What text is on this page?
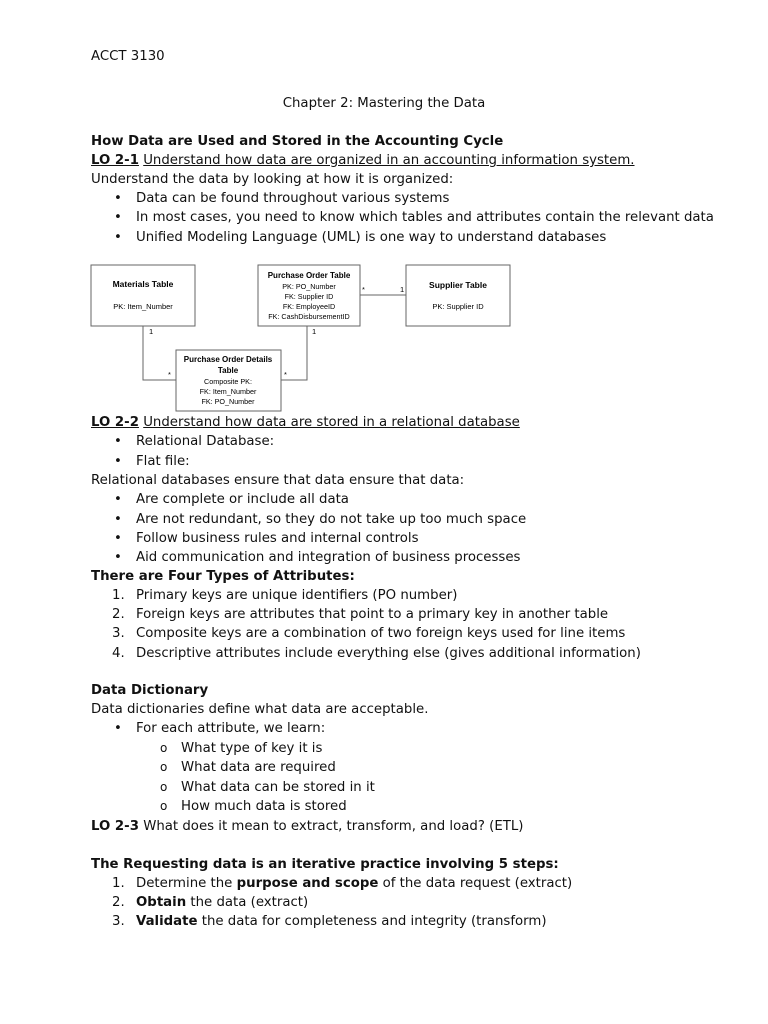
ACCT 3130
Chapter 2: Mastering the Data
How Data are Used and Stored in the Accounting Cycle
LO 2-1 Understand how data are organized in an accounting information system.
Understand the data by looking at how it is organized:
• Data can be found throughout various systems
• In most cases, you need to know which tables and attributes contain the relevant data
• Unified Modeling Language (UML) is one way to understand databases
Materials Table
PK: Item_Number
Purchase Order Table
PK: PO_Number
FK: Supplier ID
FK: EmployeeID
FK: CashDisbursementID
Supplier Table
PK: Supplier ID
Purchase Order Details
Table
Composite PK:
FK: Item_Number
FK: PO_Number
1
*
1
*
*	1
LO 2-2 Understand how data are stored in a relational database
• Relational Database:
• Flat file:
Relational databases ensure that data ensure that data:
• Are complete or include all data
• Are not redundant, so they do not take up too much space
• Follow business rules and internal controls
• Aid communication and integration of business processes
There are Four Types of Attributes:
1. Primary keys are unique identifiers (PO number)
2. Foreign keys are attributes that point to a primary key in another table
3. Composite keys are a combination of two foreign keys used for line items
4. Descriptive attributes include everything else (gives additional information)
Data Dictionary
Data dictionaries define what data are acceptable.
• For each attribute, we learn:
o What type of key it is
o What data are required
o What data can be stored in it
o How much data is stored
LO 2-3 What does it mean to extract, transform, and load? (ETL)
The Requesting data is an iterative practice involving 5 steps:
1. Determine the purpose and scope of the data request (extract)
2. Obtain the data (extract)
3. Validate the data for completeness and integrity (transform)
